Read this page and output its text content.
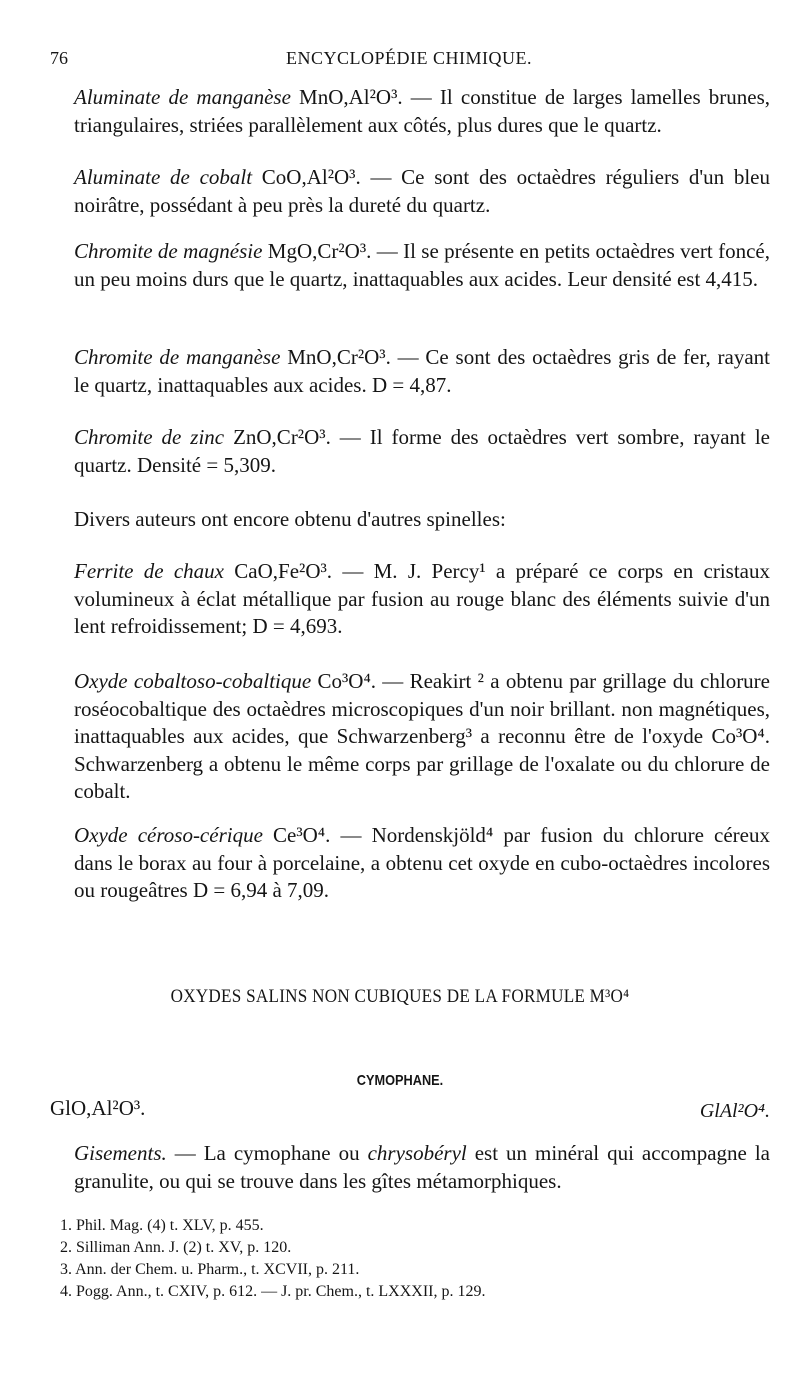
76	ENCYCLOPÉDIE CHIMIQUE.
Aluminate de manganèse MnO,Al²O³. — Il constitue de larges lamelles brunes, triangulaires, striées parallèlement aux côtés, plus dures que le quartz.
Aluminate de cobalt CoO,Al²O³. — Ce sont des octaèdres réguliers d'un bleu noirâtre, possédant à peu près la dureté du quartz.
Chromite de magnésie MgO,Cr²O³. — Il se présente en petits octaèdres vert foncé, un peu moins durs que le quartz, inattaquables aux acides. Leur densité est 4,415.
Chromite de manganèse MnO,Cr²O³. — Ce sont des octaèdres gris de fer, rayant le quartz, inattaquables aux acides. D = 4,87.
Chromite de zinc ZnO,Cr²O³. — Il forme des octaèdres vert sombre, rayant le quartz. Densité = 5,309.
Divers auteurs ont encore obtenu d'autres spinelles:
Ferrite de chaux CaO,Fe²O³. — M. J. Percy¹ a préparé ce corps en cristaux volumineux à éclat métallique par fusion au rouge blanc des éléments suivie d'un lent refroidissement; D = 4,693.
Oxyde cobaltoso-cobaltique Co³O⁴. — Reakirt ² a obtenu par grillage du chlorure roséocobaltique des octaèdres microscopiques d'un noir brillant. non magnétiques, inattaquables aux acides, que Schwarzenberg³ a reconnu être de l'oxyde Co³O⁴. Schwarzenberg a obtenu le même corps par grillage de l'oxalate ou du chlorure de cobalt.
Oxyde céroso-cérique Ce³O⁴. — Nordenskjöld⁴ par fusion du chlorure céreux dans le borax au four à porcelaine, a obtenu cet oxyde en cubo-octaèdres incolores ou rougeâtres D = 6,94 à 7,09.
OXYDES SALINS NON CUBIQUES DE LA FORMULE M³O⁴
CYMOPHANE.
GlO,Al²O³.	GlAl²O⁴.
Gisements. — La cymophane ou chrysobéryl est un minéral qui accompagne la granulite, ou qui se trouve dans les gîtes métamorphiques.
1. Phil. Mag. (4) t. XLV, p. 455.
2. Silliman Ann. J. (2) t. XV, p. 120.
3. Ann. der Chem. u. Pharm., t. XCVII, p. 211.
4. Pogg. Ann., t. CXIV, p. 612. — J. pr. Chem., t. LXXXII, p. 129.
